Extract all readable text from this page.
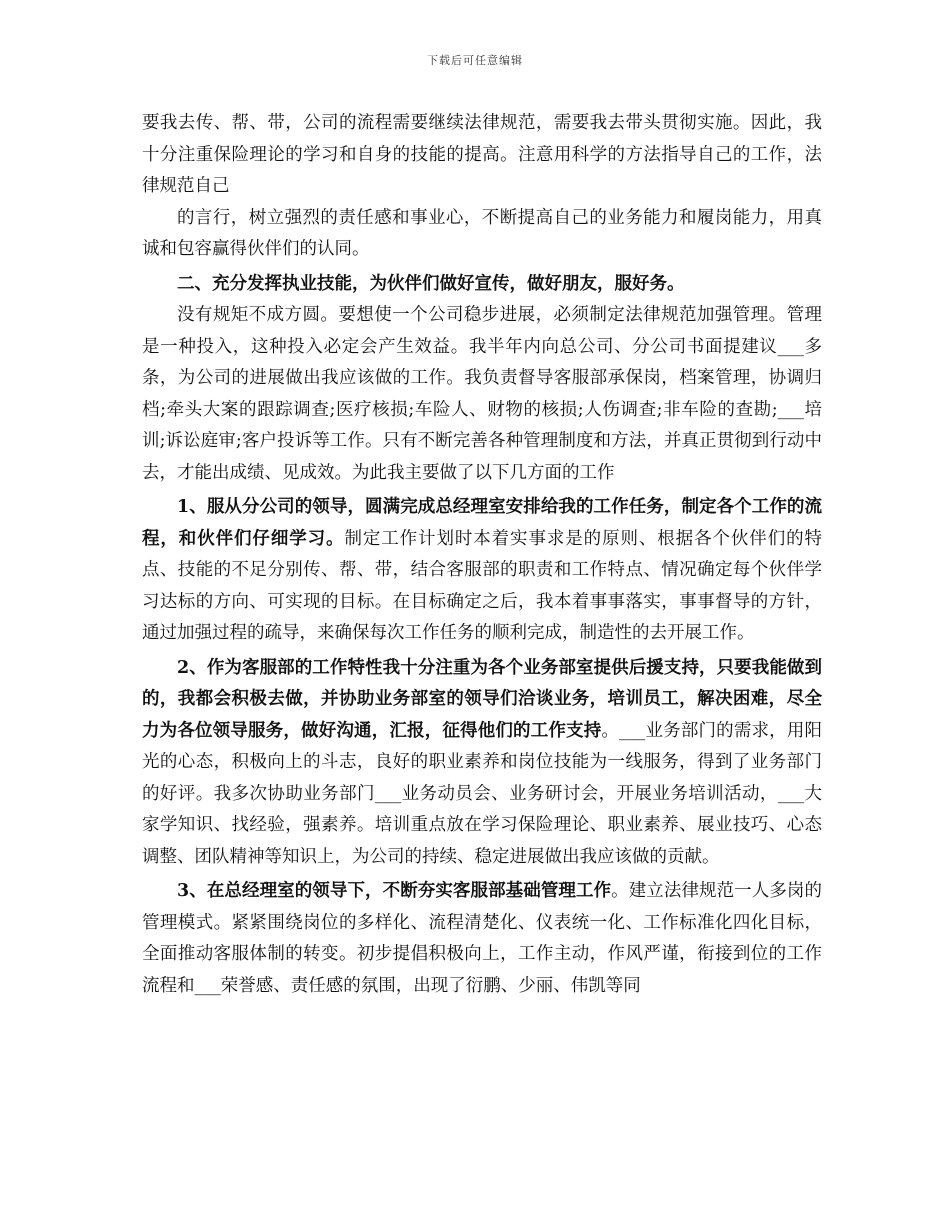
下载后可任意编辑

要我去传、帮、带，公司的流程需要继续法律规范，需要我去带头贯彻实施。因此，我十分注重保险理论的学习和自身的技能的提高。注意用科学的方法指导自己的工作，法律规范自己

的言行，树立强烈的责任感和事业心，不断提高自己的业务能力和履岗能力，用真诚和包容赢得伙伴们的认同。

二、充分发挥执业技能，为伙伴们做好宣传，做好朋友，服好务。

没有规矩不成方圆。要想使一个公司稳步进展，必须制定法律规范加强管理。管理是一种投入，这种投入必定会产生效益。我半年内向总公司、分公司书面提建议___多条，为公司的进展做出我应该做的工作。我负责督导客服部承保岗，档案管理，协调归档;牵头大案的跟踪调查;医疗核损;车险人、财物的核损;人伤调查;非车险的查勘;___培训;诉讼庭审;客户投诉等工作。只有不断完善各种管理制度和方法，并真正贯彻到行动中去，才能出成绩、见成效。为此我主要做了以下几方面的工作

1、服从分公司的领导，圆满完成总经理室安排给我的工作任务，制定各个工作的流程，和伙伴们仔细学习。制定工作计划时本着实事求是的原则、根据各个伙伴们的特点、技能的不足分别传、帮、带，结合客服部的职责和工作特点、情况确定每个伙伴学习达标的方向、可实现的目标。在目标确定之后，我本着事事落实，事事督导的方针，通过加强过程的疏导，来确保每次工作任务的顺利完成，制造性的去开展工作。

2、作为客服部的工作特性我十分注重为各个业务部室提供后援支持，只要我能做到的，我都会积极去做，并协助业务部室的领导们洽谈业务，培训员工，解决困难，尽全力为各位领导服务，做好沟通，汇报，征得他们的工作支持。___业务部门的需求，用阳光的心态，积极向上的斗志，良好的职业素养和岗位技能为一线服务，得到了业务部门的好评。我多次协助业务部门___业务动员会、业务研讨会，开展业务培训活动，___大家学知识、找经验，强素养。培训重点放在学习保险理论、职业素养、展业技巧、心态调整、团队精神等知识上，为公司的持续、稳定进展做出我应该做的贡献。

3、在总经理室的领导下，不断夯实客服部基础管理工作。建立法律规范一人多岗的管理模式。紧紧围绕岗位的多样化、流程清楚化、仪表统一化、工作标准化四化目标，全面推动客服体制的转变。初步提倡积极向上，工作主动，作风严谨，衔接到位的工作流程和___荣誉感、责任感的氛围，出现了衍鹏、少丽、伟凯等同
